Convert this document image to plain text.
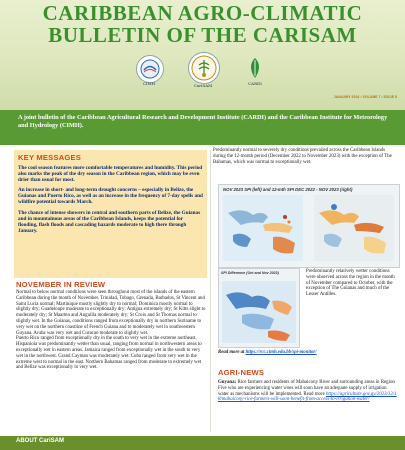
CARIBBEAN AGRO-CLIMATIC
BULLETIN OF THE CARISAM
CIMH	CariSAM	CARDI
JANUARY 2024 • VOLUME 7 • ISSUE 8

A joint bulletin of the Caribbean Agricultural Research and Development Institute (CARDI) and the Caribbean Institute for Meteorology and Hydrology (CIMH).

KEY MESSAGES

The cool season features more comfortable temperatures and humidity. This period also marks the peak of the dry season in the Caribbean region, which may be even drier than usual for most.

An increase in short- and long-term drought concerns – especially in Belize, the Guianas and Puerto Rico, as well as an increase in the frequency of 7-day spells and wildfire potential towards March.

The chance of intense showers in central and southern parts of Belize, the Guianas and in mountainous areas of the Caribbean Islands, keeps the potential for flooding, flash floods and cascading hazards moderate to high there through January.

NOVEMBER IN REVIEW

Normal to below normal conditions were seen throughout most of the islands of the eastern Caribbean during the month of November. Trinidad, Tobago, Grenada, Barbados, St Vincent and Saint Lucia normal; Martinique mostly slightly dry to normal; Dominica mostly normal to slightly dry; Guadeloupe moderate to exceptionally dry; Antigua extremely dry; St Kitts slight to moderately dry; St Maarten and Anguilla moderately dry; St Croix and St Thomas normal to slightly wet. In the Guianas, conditions ranged from exceptionally dry in northern Suriname to very wet on the northern coastline of French Guiana and to moderately wet in southwestern Guyana. Aruba was very wet and Curacao moderate to slightly wet.

Puerto Rico ranged from exceptionally dry in the south to very wet in the extreme northeast. Hispaniola was predominantly wetter than usual, ranging from normal in northwestern areas to exceptionally wet in eastern areas. Jamaica ranged from exceptionally wet in the south to very wet in the northwest. Grand Cayman was moderately wet. Cuba ranged from very wet in the extreme west to normal in the east. Northern Bahamas ranged from moderate to extremely wet and Belize was exceptionally to very wet.

Predominantly normal to severely dry conditions prevailed across the Caribbean Islands during the 12-month period (December 2022 to November 2023) with the exception of The Bahamas, which was normal to exceptionally wet.

NOV 2023 SPI (left) and 12-mth SPI DEC 2022 - NOV 2023 (right)
SPI Difference (Oct and Nov 2023)	Predominantly relatively wetter conditions were observed across the region in the month of November compared to October, with the exception of The Guianas and much of the Lesser Antilles.

Read more at https://rcc.cimh.edu.bb/spi-monitor/
AGRI-NEWS

Guyana: Rice farmers and residents of Mahaicony River and surrounding areas in Region Five who are experiencing water woes will soon have an adequate supply of irrigation water as mechanisms will be implemented. Read more https://agriculture.gov.gy/2023/12/18/mahaicony-rice-farmers-will-soon-benefit-from-access-to-irrigation-water/

ABOUT CariSAM
